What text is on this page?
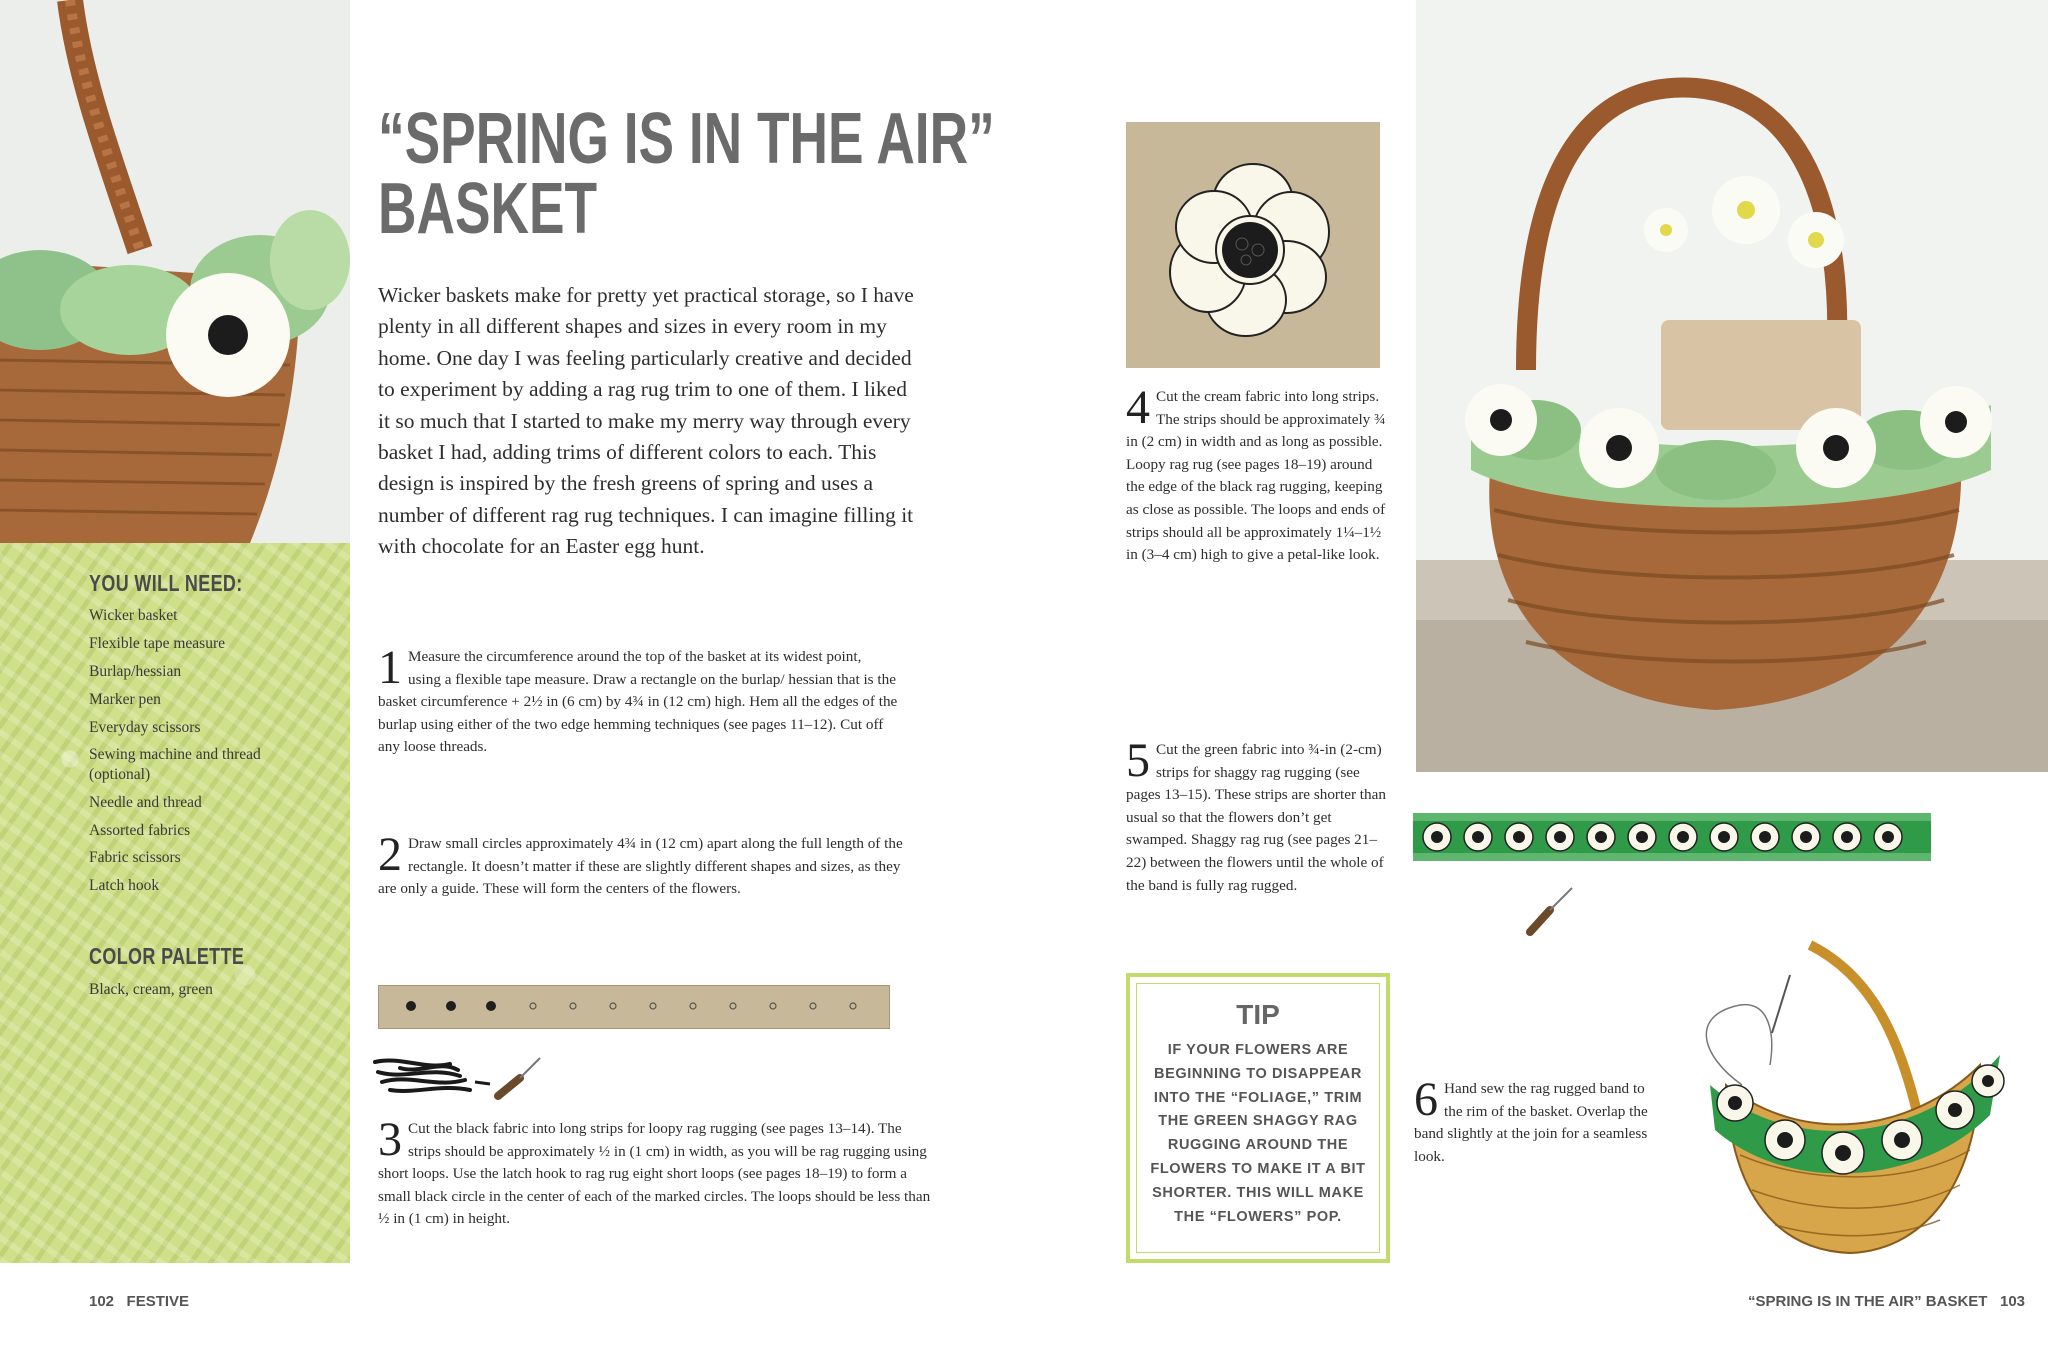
YOU WILL NEED:
Wicker basket
Flexible tape measure
Burlap/hessian
Marker pen
Everyday scissors
Sewing machine and thread (optional)
Needle and thread
Assorted fabrics
Fabric scissors
Latch hook
COLOR PALETTE
Black, cream, green
“SPRING IS IN THE AIR”
BASKET
Wicker baskets make for pretty yet practical storage, so I have plenty in all different shapes and sizes in every room in my home. One day I was feeling particularly creative and decided to experiment by adding a rag rug trim to one of them. I liked it so much that I started to make my merry way through every basket I had, adding trims of different colors to each. This design is inspired by the fresh greens of spring and uses a number of different rag rug techniques. I can imagine filling it with chocolate for an Easter egg hunt.
1 Measure the circumference around the top of the basket at its widest point, using a flexible tape measure. Draw a rectangle on the burlap/ hessian that is the basket circumference + 2½ in (6 cm) by 4¾ in (12 cm) high. Hem all the edges of the burlap using either of the two edge hemming techniques (see pages 11–12). Cut off any loose threads.
2 Draw small circles approximately 4¾ in (12 cm) apart along the full length of the rectangle. It doesn’t matter if these are slightly different shapes and sizes, as they are only a guide. These will form the centers of the flowers.
3 Cut the black fabric into long strips for loopy rag rugging (see pages 13–14). The strips should be approximately ½ in (1 cm) in width, as you will be rag rugging using short loops. Use the latch hook to rag rug eight short loops (see pages 18–19) to form a small black circle in the center of each of the marked circles. The loops should be less than ½ in (1 cm) in height.
4 Cut the cream fabric into long strips. The strips should be approximately ¾ in (2 cm) in width and as long as possible. Loopy rag rug (see pages 18–19) around the edge of the black rag rugging, keeping as close as possible. The loops and ends of strips should all be approximately 1¼–1½ in (3–4 cm) high to give a petal-like look.
5 Cut the green fabric into ¾-in (2-cm) strips for shaggy rag rugging (see pages 13–15). These strips are shorter than usual so that the flowers don’t get swamped. Shaggy rag rug (see pages 21–22) between the flowers until the whole of the band is fully rag rugged.
TIP
IF YOUR FLOWERS ARE BEGINNING TO DISAPPEAR INTO THE “FOLIAGE,” TRIM THE GREEN SHAGGY RAG RUGGING AROUND THE FLOWERS TO MAKE IT A BIT SHORTER. THIS WILL MAKE THE “FLOWERS” POP.
6 Hand sew the rag rugged band to the rim of the basket. Overlap the band slightly at the join for a seamless look.
102 FESTIVE	“SPRING IS IN THE AIR” BASKET 103
